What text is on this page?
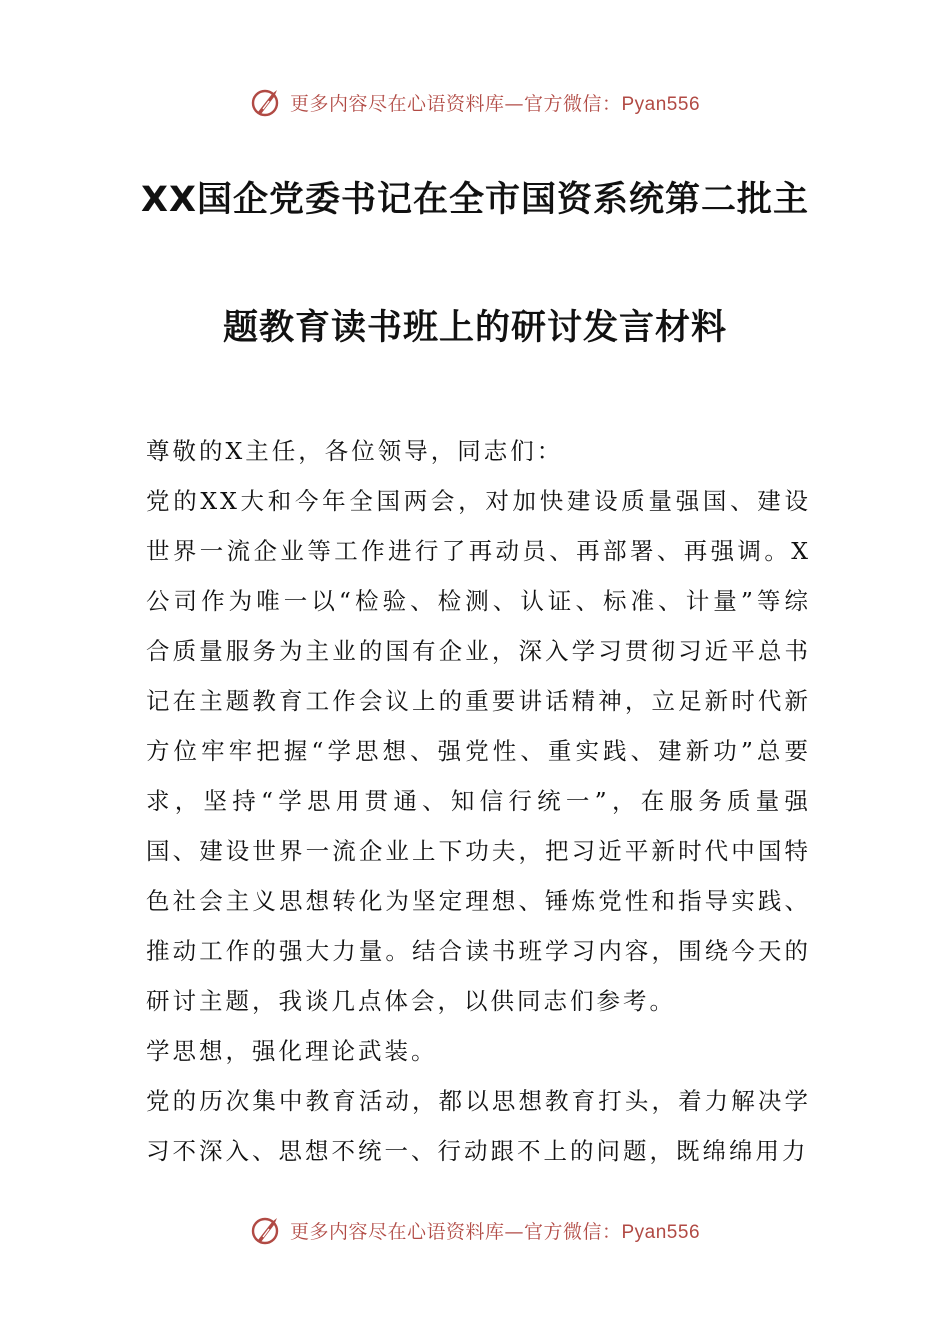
更多内容尽在心语资料库—官方微信：Pyan556
XX国企党委书记在全市国资系统第二批主
题教育读书班上的研讨发言材料

尊敬的X主任，各位领导，同志们：

党的XX大和今年全国两会，对加快建设质量强国、建设世界一流企业等工作进行了再动员、再部署、再强调。X公司作为唯一以“检验、检测、认证、标准、计量”等综合质量服务为主业的国有企业，深入学习贯彻习近平总书记在主题教育工作会议上的重要讲话精神，立足新时代新方位牢牢把握“学思想、强党性、重实践、建新功”总要求，坚持“学思用贯通、知信行统一”，在服务质量强国、建设世界一流企业上下功夫，把习近平新时代中国特色社会主义思想转化为坚定理想、锤炼党性和指导实践、推动工作的强大力量。结合读书班学习内容，围绕今天的研讨主题，我谈几点体会，以供同志们参考。

学思想，强化理论武装。

党的历次集中教育活动，都以思想教育打头，着力解决学习不深入、思想不统一、行动跟不上的问题，既绵绵用力

更多内容尽在心语资料库—官方微信：Pyan556
